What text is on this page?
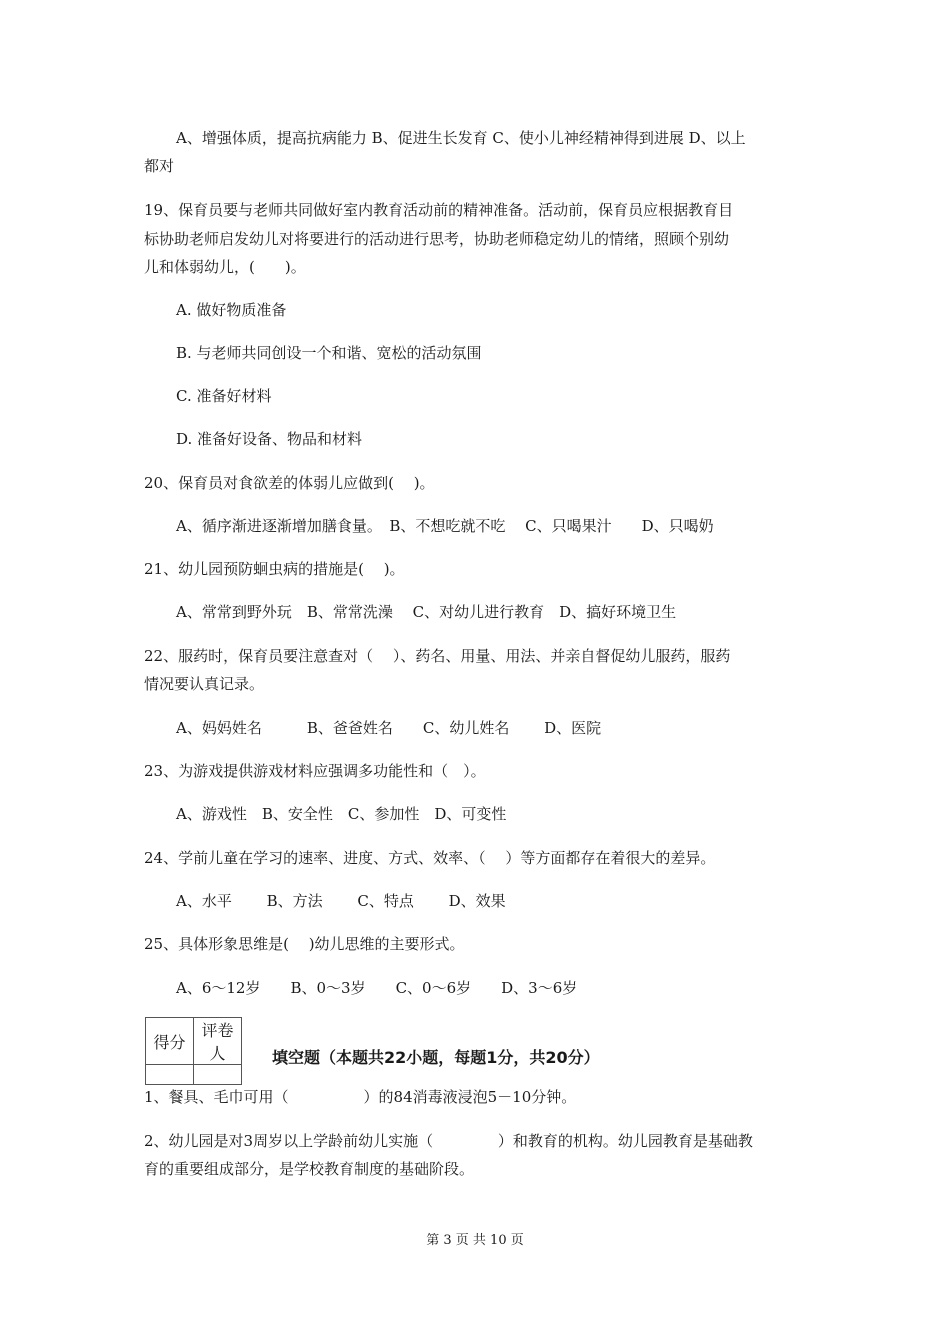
A、增强体质，提高抗病能力 B、促进生长发育 C、使小儿神经精神得到进展 D、以上
都对
19、保育员要与老师共同做好室内教育活动前的精神准备。活动前，保育员应根据教育目
标协助老师启发幼儿对将要进行的活动进行思考，协助老师稳定幼儿的情绪，照顾个别幼
儿和体弱幼儿，(　　)。
A. 做好物质准备
B. 与老师共同创设一个和谐、宽松的活动氛围
C. 准备好材料
D. 准备好设备、物品和材料
20、保育员对食欲差的体弱儿应做到(　 )。
A、循序渐进逐渐增加膳食量。　B、不想吃就不吃　 C、只喝果汁　　D、只喝奶
21、幼儿园预防蛔虫病的措施是(　 )。
A、常常到野外玩　B、常常洗澡　 C、对幼儿进行教育　D、搞好环境卫生
22、服药时，保育员要注意查对（　 ）、药名、用量、用法、并亲自督促幼儿服药，服药
情况要认真记录。
A、妈妈姓名　　　B、爸爸姓名　　C、幼儿姓名　　 D、医院
23、为游戏提供游戏材料应强调多功能性和（　）。
A、游戏性　B、安全性　C、参加性　D、可变性
24、学前儿童在学习的速率、进度、方式、效率、（　 ）等方面都存在着很大的差异。
A、水平　　 B、方法　　 C、特点　　 D、效果
25、具体形象思维是(　 )幼儿思维的主要形式。
A、6～12岁　　B、0～3岁　　C、0～6岁　　D、3～6岁
得分	评卷人
		填空题（本题共22小题，每题1分，共20分）
1、餐具、毛巾可用（　　　　　）的84消毒液浸泡5－10分钟。
2、幼儿园是对3周岁以上学龄前幼儿实施（　　　　 ）和教育的机构。幼儿园教育是基础教
育的重要组成部分，是学校教育制度的基础阶段。
第 3 页 共 10 页
